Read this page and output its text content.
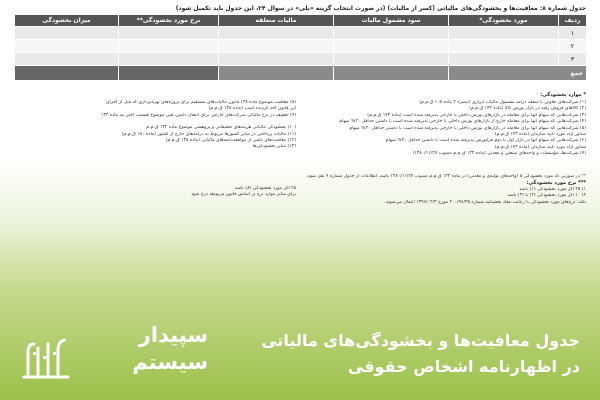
جدول شماره ۸: معافیت‌ها و بخشودگی‌های مالیاتی (کسر از مالیات) (در صورت انتخاب گزینه «بلی» در سوال ۲۴، این جدول باید تکمیل شود)
ردیف	مورد بخشودگی*	سود مشمول مالیات	مالیات متعلقه	نرخ مورد بخشودگی**	میزان بخشودگی
۱					
۲					
۳					
جمع					
* موارد بخشودگی:
(۱) شرکت‌های تعاونی با سقف درآمد مشمول مالیات ابرازی (تبصره ۲ ماده ۱۰۵ ق.م.م)
(۲) کالاهای فروش رفته در بازار بورس کالا (ماده ۱۴۳ ق.م.م)
(۳) شرکت‌هایی که سهام آنها برای معامله در بازارهای بورس داخلی یا خارجی پذیرفته شده است (ماده ۱۴۳ ق.م.م)
(۴) شرکت‌هایی که سهام آنها برای معامله خارج از بازارهای بورس داخلی یا خارجی پذیرفته شده است با داشتن حداقل ۲۰% سهام
(۵) شرکت‌هایی که سهام آنها برای معامله در بازارهای بورس داخلی یا خارجی پذیرفته شده است با داشتن حداقل ۲۰% سهام
شناور آزاد مورد تایید سازمان (ماده ۱۴۳ ق.م.م)
(۶) شرکت‌هایی که سهام آنها در بازار اول یا دوم فرابورس پذیرفته شده است با داشتن حداقل ۲۰% سهام
شناور آزاد مورد تایید سازمان (ماده ۱۴۳ ق.م.م)
(۷) شرکت‌ها، مؤسسات و واحدهای صنعتی و معدنی (ماده ۱۳۲ ق.م.م مصوب ۱۳۸۰/۱۱/۲۷)
(۸) معافیت موضوع ماده ۱۳۸ قانون مالیات‌های مستقیم برای پروژه‌های بهره‌برداری که قبل از اجرای
این قانون اخذ گردیده است (ماده ۱۳۸ ق.م.م)
(۹) تخفیف در نرخ مالیاتی شرکت‌های خارجی برای انتقال دانش، فنی موضوع قسمت اخیر بند ماده ۱۳۲
(۱۰) بخشودگی مالیاتی هزینه‌های تحقیقاتی و پژوهشی موضوع ماده ۱۳۲ ق.م.م
(۱۱) مالیات پرداختی در سایر کشورها مربوط به درآمدهای خارج از کشور (ماده ۱۸۰ ق.م.م)
(۱۲) معافیت‌های ناشی از موافقت‌نامه‌های مالیاتی (ماده ۱۳۸ ق.م.م)
(۱۳) سایر بخشودگی‌ها
** در صورتی که مورد بخشودگی ۸ (واحدهای تولیدی و معدنی) در ماده ۱۳۲ ق.م.م مصوب ۱۳۸۰/۱۱/۲۷ باشد، اطلاعات از جدول شماره ۹ نقل شود.
*** نرخ مورد بخشودگی:
۱) ۲۵ اگر مورد بخشودگی (۱) باشد
۲) ۱۰ اگر مورد بخشودگی (۲) یا (۳) باشد
نکته: نرخ‌های مورد بخشودگی با رعایت مفاد بخشنامه شماره ۲۰۰/۹۶/۳۵ مورخ ۱۳۹۶/۰۲/۳ اعمال می‌شوند.
۲۵ اگر مورد بخشودگی (۸) باشد
برای سایر موارد نرخ بر اساس قانون مربوطه درج شود
جدول معافیت‌ها و بخشودگی‌های مالیاتی
در اظهارنامه اشخاص حقوقی
سپیدار
سیستم
